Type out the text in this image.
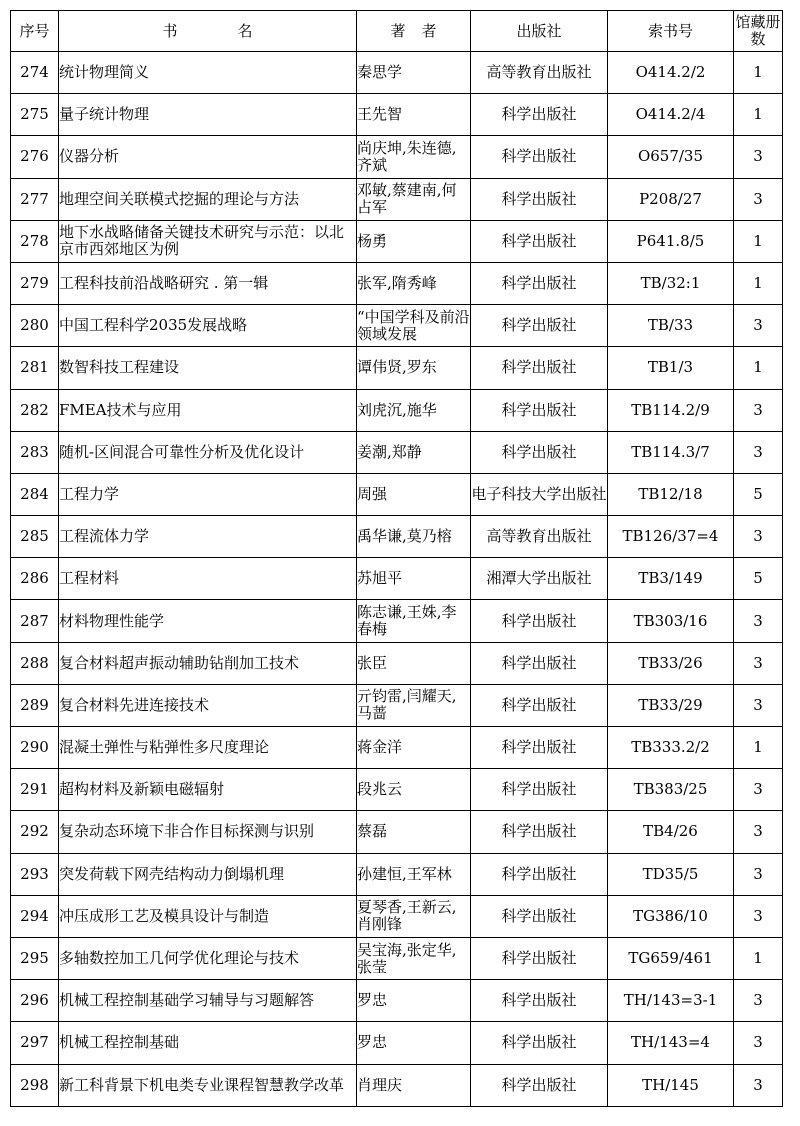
序号	书名	著者	出版社	索书号	馆藏册数

274	统计物理简义	秦思学	高等教育出版社	O414.2/2	1
275	量子统计物理	王先智	科学出版社	O414.2/4	1
276	仪器分析	尚庆坤,朱连德,齐斌	科学出版社	O657/35	3
277	地理空间关联模式挖掘的理论与方法	邓敏,蔡建南,何占军	科学出版社	P208/27	3
278	地下水战略储备关键技术研究与示范：以北京市西郊地区为例	杨勇	科学出版社	P641.8/5	1
279	工程科技前沿战略研究 . 第一辑	张军,隋秀峰	科学出版社	TB/32:1	1
280	中国工程科学2035发展战略	“中国学科及前沿领域发展	科学出版社	TB/33	3
281	数智科技工程建设	谭伟贤,罗东	科学出版社	TB1/3	1
282	FMEA技术与应用	刘虎沉,施华	科学出版社	TB114.2/9	3
283	随机-区间混合可靠性分析及优化设计	姜潮,郑静	科学出版社	TB114.3/7	3
284	工程力学	周强	电子科技大学出版社	TB12/18	5
285	工程流体力学	禹华谦,莫乃榕	高等教育出版社	TB126/37=4	3
286	工程材料	苏旭平	湘潭大学出版社	TB3/149	5
287	材料物理性能学	陈志谦,王姝,李春梅	科学出版社	TB303/16	3
288	复合材料超声振动辅助钻削加工技术	张臣	科学出版社	TB33/26	3
289	复合材料先进连接技术	亓钧雷,闫耀天,马蔷	科学出版社	TB33/29	3
290	混凝土弹性与粘弹性多尺度理论	蒋金洋	科学出版社	TB333.2/2	1
291	超构材料及新颖电磁辐射	段兆云	科学出版社	TB383/25	3
292	复杂动态环境下非合作目标探测与识别	蔡磊	科学出版社	TB4/26	3
293	突发荷载下网壳结构动力倒塌机理	孙建恒,王军林	科学出版社	TD35/5	3
294	冲压成形工艺及模具设计与制造	夏琴香,王新云,肖刚锋	科学出版社	TG386/10	3
295	多轴数控加工几何学优化理论与技术	吴宝海,张定华,张莹	科学出版社	TG659/461	1
296	机械工程控制基础学习辅导与习题解答	罗忠	科学出版社	TH/143=3-1	3
297	机械工程控制基础	罗忠	科学出版社	TH/143=4	3
298	新工科背景下机电类专业课程智慧教学改革	肖理庆	科学出版社	TH/145	3
